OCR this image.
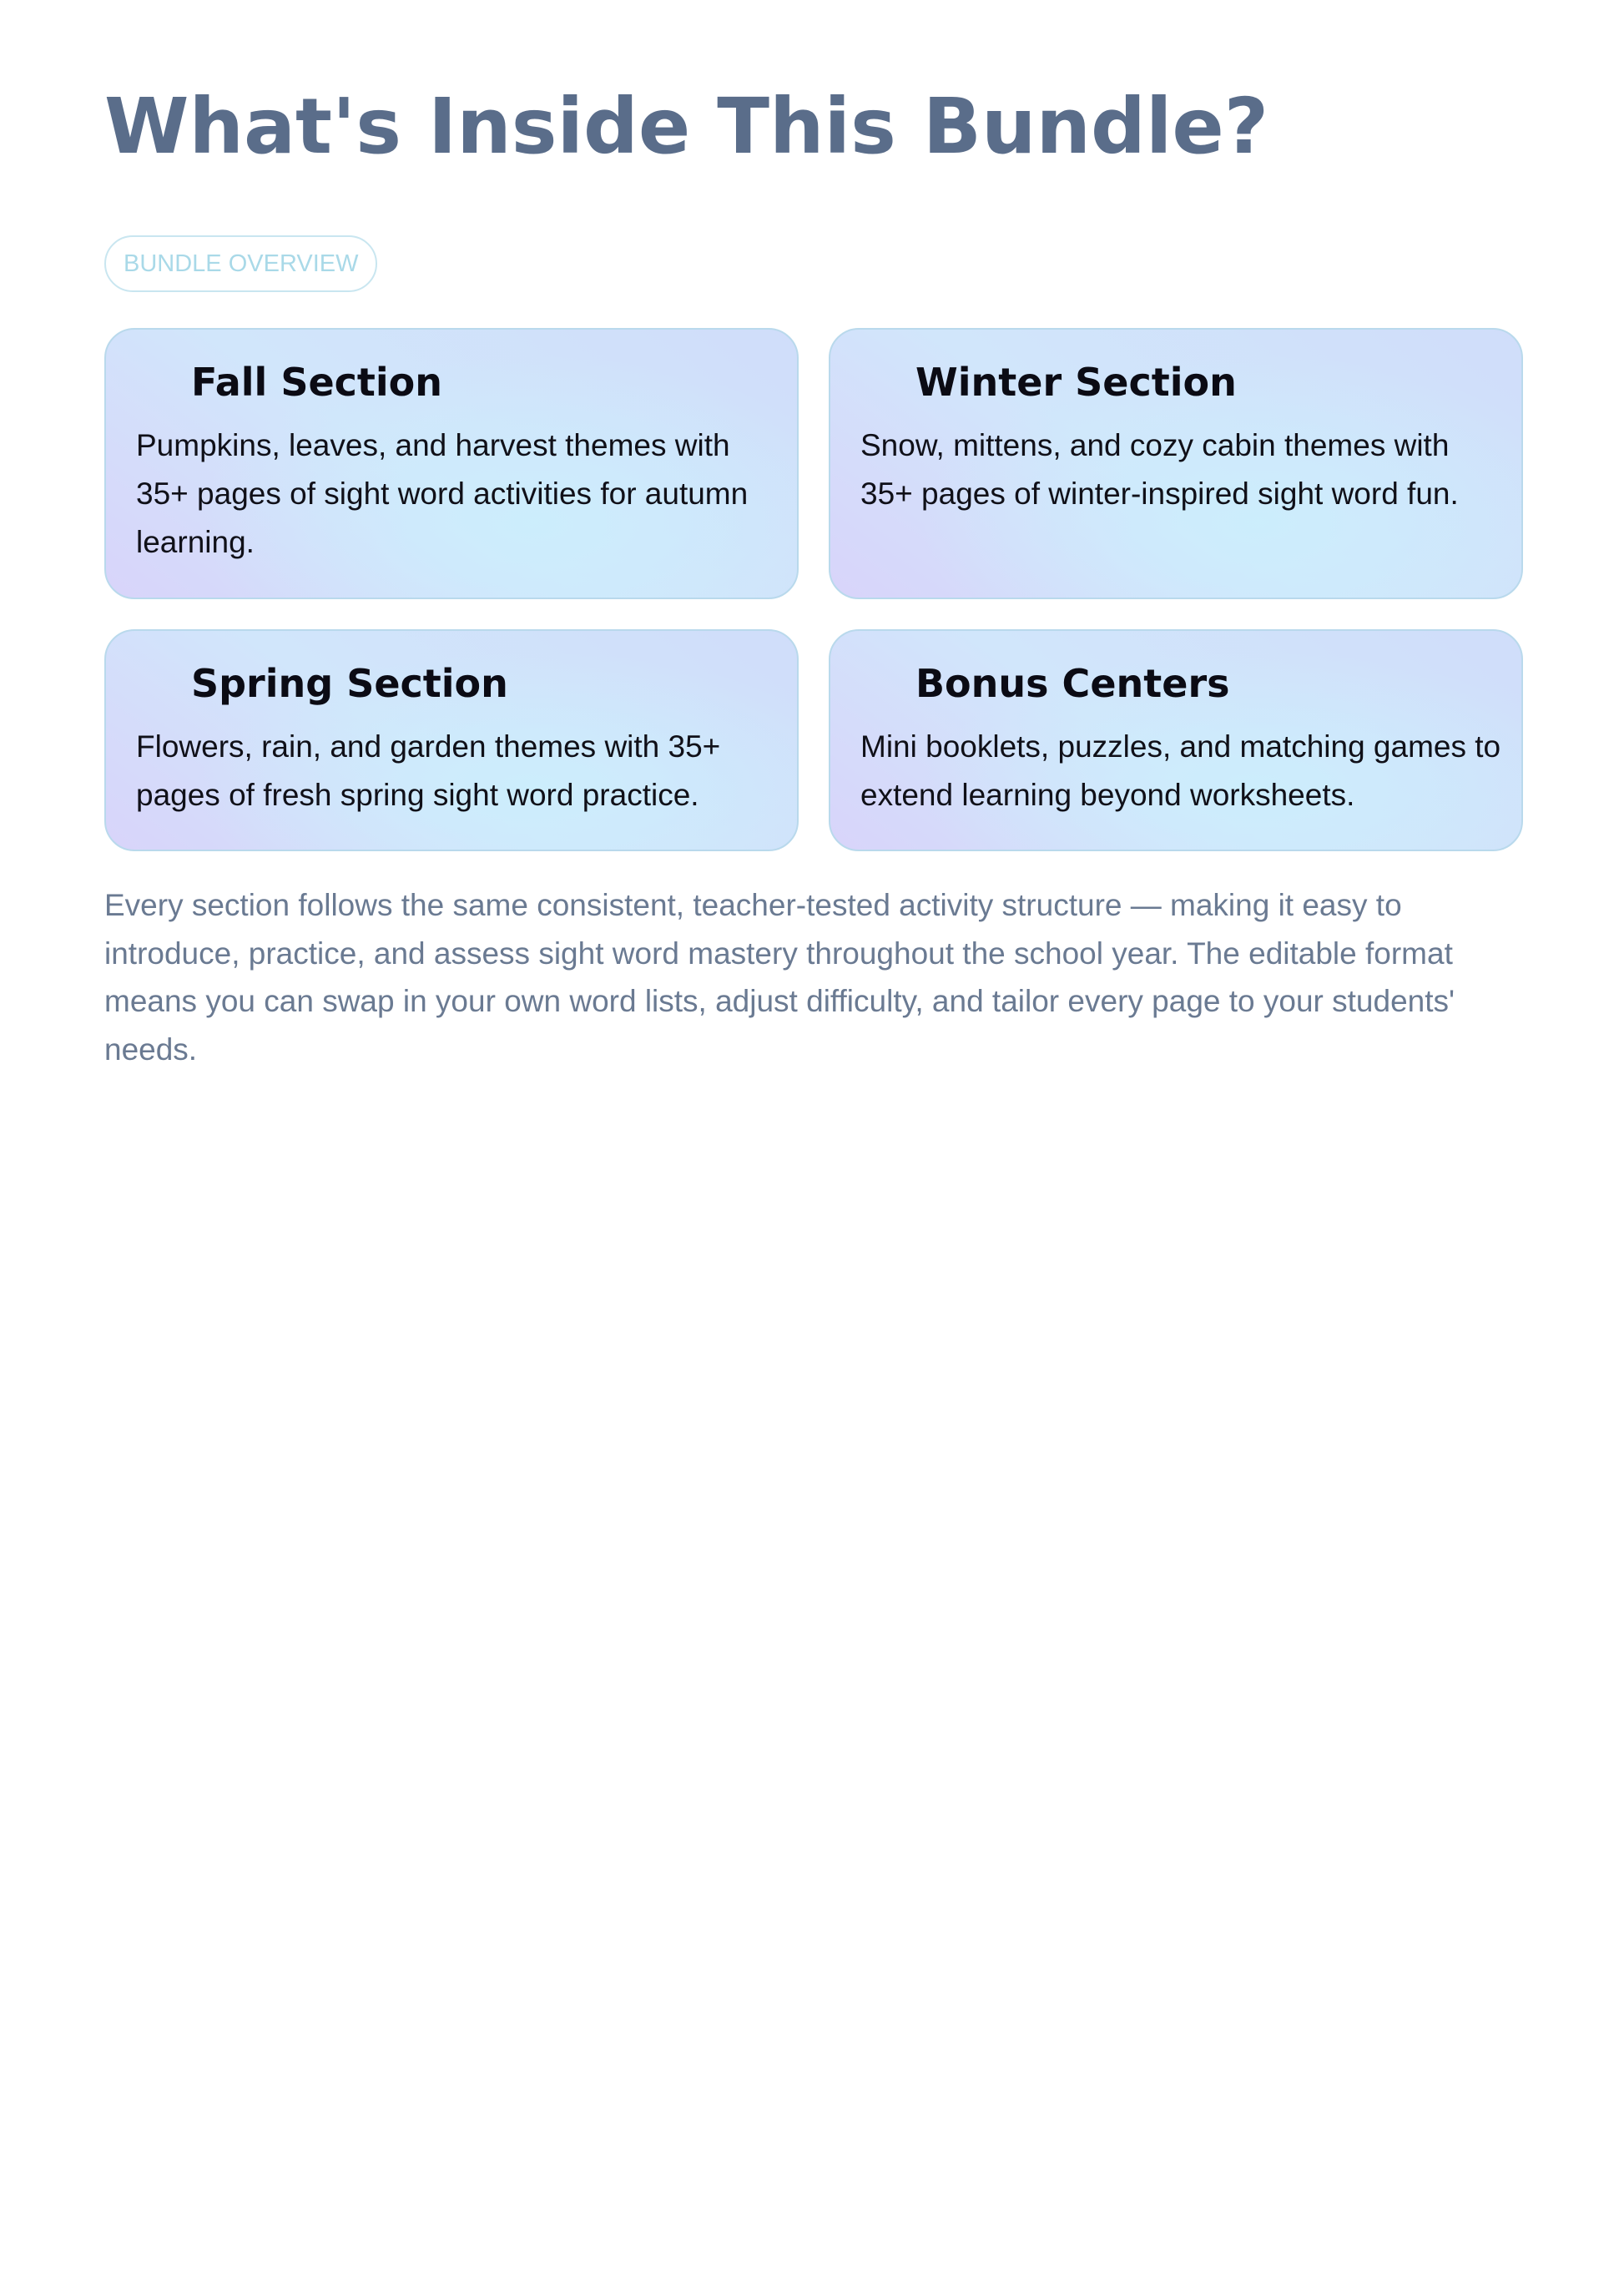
What's Inside This Bundle?
BUNDLE OVERVIEW
Fall Section
Pumpkins, leaves, and harvest themes with 35+ pages of sight word activities for autumn learning.
Winter Section
Snow, mittens, and cozy cabin themes with 35+ pages of winter-inspired sight word fun.
Spring Section
Flowers, rain, and garden themes with 35+ pages of fresh spring sight word practice.
Bonus Centers
Mini booklets, puzzles, and matching games to extend learning beyond worksheets.

Every section follows the same consistent, teacher-tested activity structure — making it easy to introduce, practice, and assess sight word mastery throughout the school year. The editable format means you can swap in your own word lists, adjust difficulty, and tailor every page to your students' needs.
